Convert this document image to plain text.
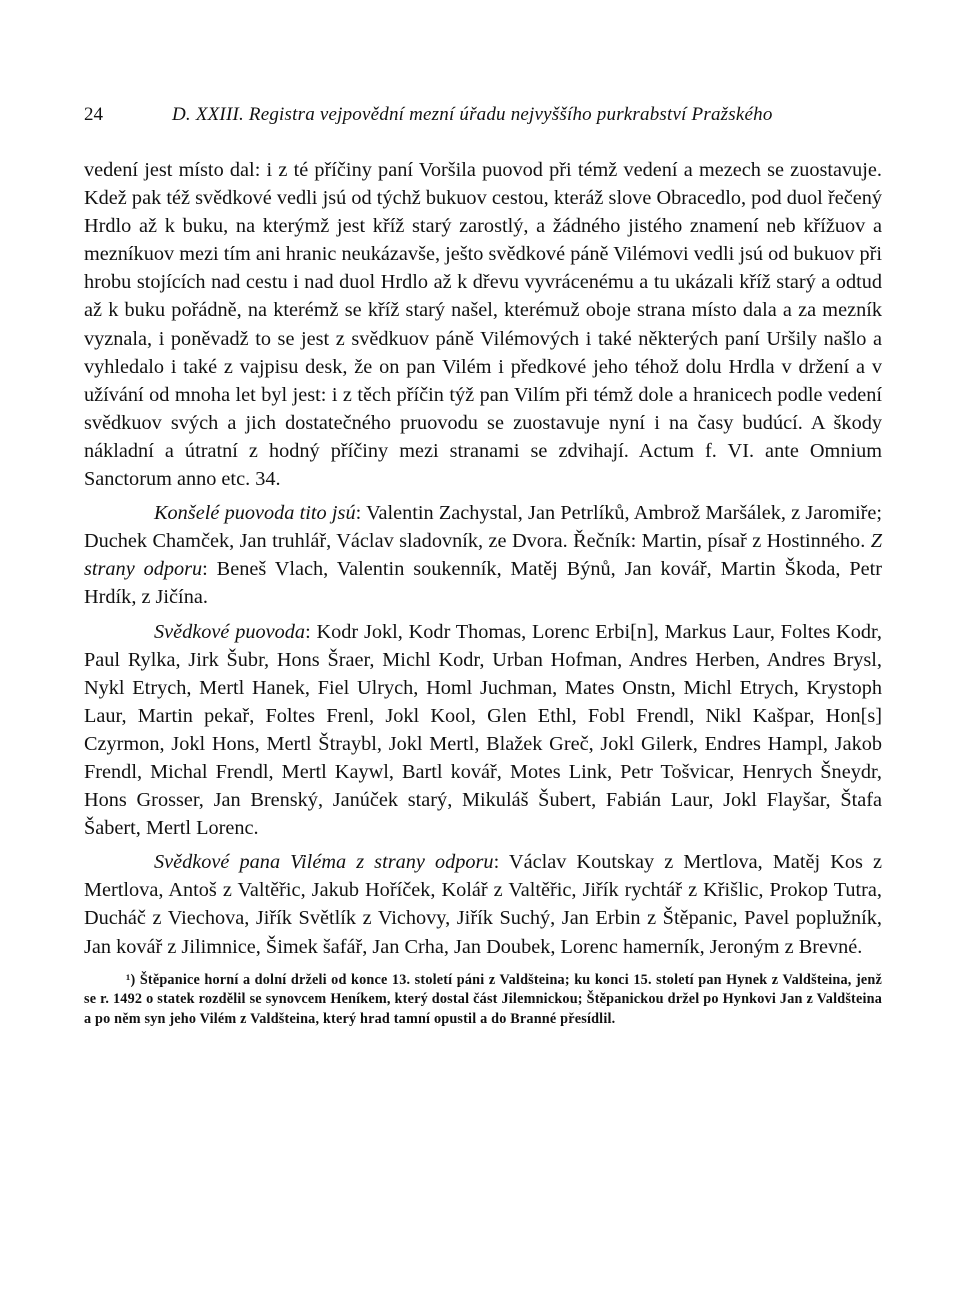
24	D. XXIII. Registra vejpovědní mezní úřadu nejvyššího purkrabství Pražského

vedení jest místo dal: i z té příčiny paní Voršila puovod při témž vedení a mezech se zuostavuje. Kdež pak též svědkové vedli jsú od týchž bukuov cestou, kteráž slove Obracedlo, pod duol řečený Hrdlo až k buku, na kterýmž jest kříž starý zarostlý, a žádného jistého znamení neb křížuov a mezníkuov mezi tím ani hranic neukázavše, ješto svědkové páně Vilémovi vedli jsú od bukuov při hrobu stojících nad cestu i nad duol Hrdlo až k dřevu vyvrácenému a tu ukázali kříž starý a odtud až k buku pořádně, na kterémž se kříž starý našel, kterémuž oboje strana místo dala a za mezník vyznala, i poněvadž to se jest z svědkuov páně Vilémových i také některých paní Uršily našlo a vyhledalo i také z vajpisu desk, že on pan Vilém i předkové jeho téhož dolu Hrdla v držení a v užívání od mnoha let byl jest: i z těch příčin týž pan Vilím při témž dole a hranicech podle vedení svědkuov svých a jich dostatečného pruovodu se zuostavuje nyní i na časy budúcí. A škody nákladní a útratní z hodný příčiny mezi stranami se zdvihají. Actum f. VI. ante Omnium Sanctorum anno etc. 34.

Konšelé puovoda tito jsú: Valentin Zachystal, Jan Petrlíků, Ambrož Maršálek, z Jaromiře; Duchek Chamček, Jan truhlář, Václav sladovník, ze Dvora. Řečník: Martin, písař z Hostinného. Z strany odporu: Beneš Vlach, Valentin soukenník, Matěj Býnů, Jan kovář, Martin Škoda, Petr Hrdík, z Jičína.

Svědkové puovoda: Kodr Jokl, Kodr Thomas, Lorenc Erbi[n], Markus Laur, Foltes Kodr, Paul Rylka, Jirk Šubr, Hons Šraer, Michl Kodr, Urban Hofman, Andres Herben, Andres Brysl, Nykl Etrych, Mertl Hanek, Fiel Ulrych, Homl Juchman, Mates Onstn, Michl Etrych, Krystoph Laur, Martin pekař, Foltes Frenl, Jokl Kool, Glen Ethl, Fobl Frendl, Nikl Kašpar, Hon[s] Czyrmon, Jokl Hons, Mertl Štraybl, Jokl Mertl, Blažek Greč, Jokl Gilerk, Endres Hampl, Jakob Frendl, Michal Frendl, Mertl Kaywl, Bartl kovář, Motes Link, Petr Tošvicar, Henrych Šneydr, Hons Grosser, Jan Brenský, Janúček starý, Mikuláš Šubert, Fabián Laur, Jokl Flayšar, Štafa Šabert, Mertl Lorenc.

Svědkové pana Viléma z strany odporu: Václav Koutskay z Mertlova, Matěj Kos z Mertlova, Antoš z Valtěřic, Jakub Hoříček, Kolář z Valtěřic, Jiřík rychtář z Křišlic, Prokop Tutra, Ducháč z Viechova, Jiřík Světlík z Vichovy, Jiřík Suchý, Jan Erbin z Štěpanic, Pavel poplužník, Jan kovář z Jilimnice, Šimek šafář, Jan Crha, Jan Doubek, Lorenc hamerník, Jeroným z Brevné.

¹) Štěpanice horní a dolní drželi od konce 13. století páni z Valdšteina; ku konci 15. století pan Hynek z Valdšteina, jenž se r. 1492 o statek rozdělil se synovcem Heníkem, který dostal část Jilemnickou; Štěpanickou držel po Hynkovi Jan z Valdšteina a po něm syn jeho Vilém z Valdšteina, který hrad tamní opustil a do Branné přesídlil.
